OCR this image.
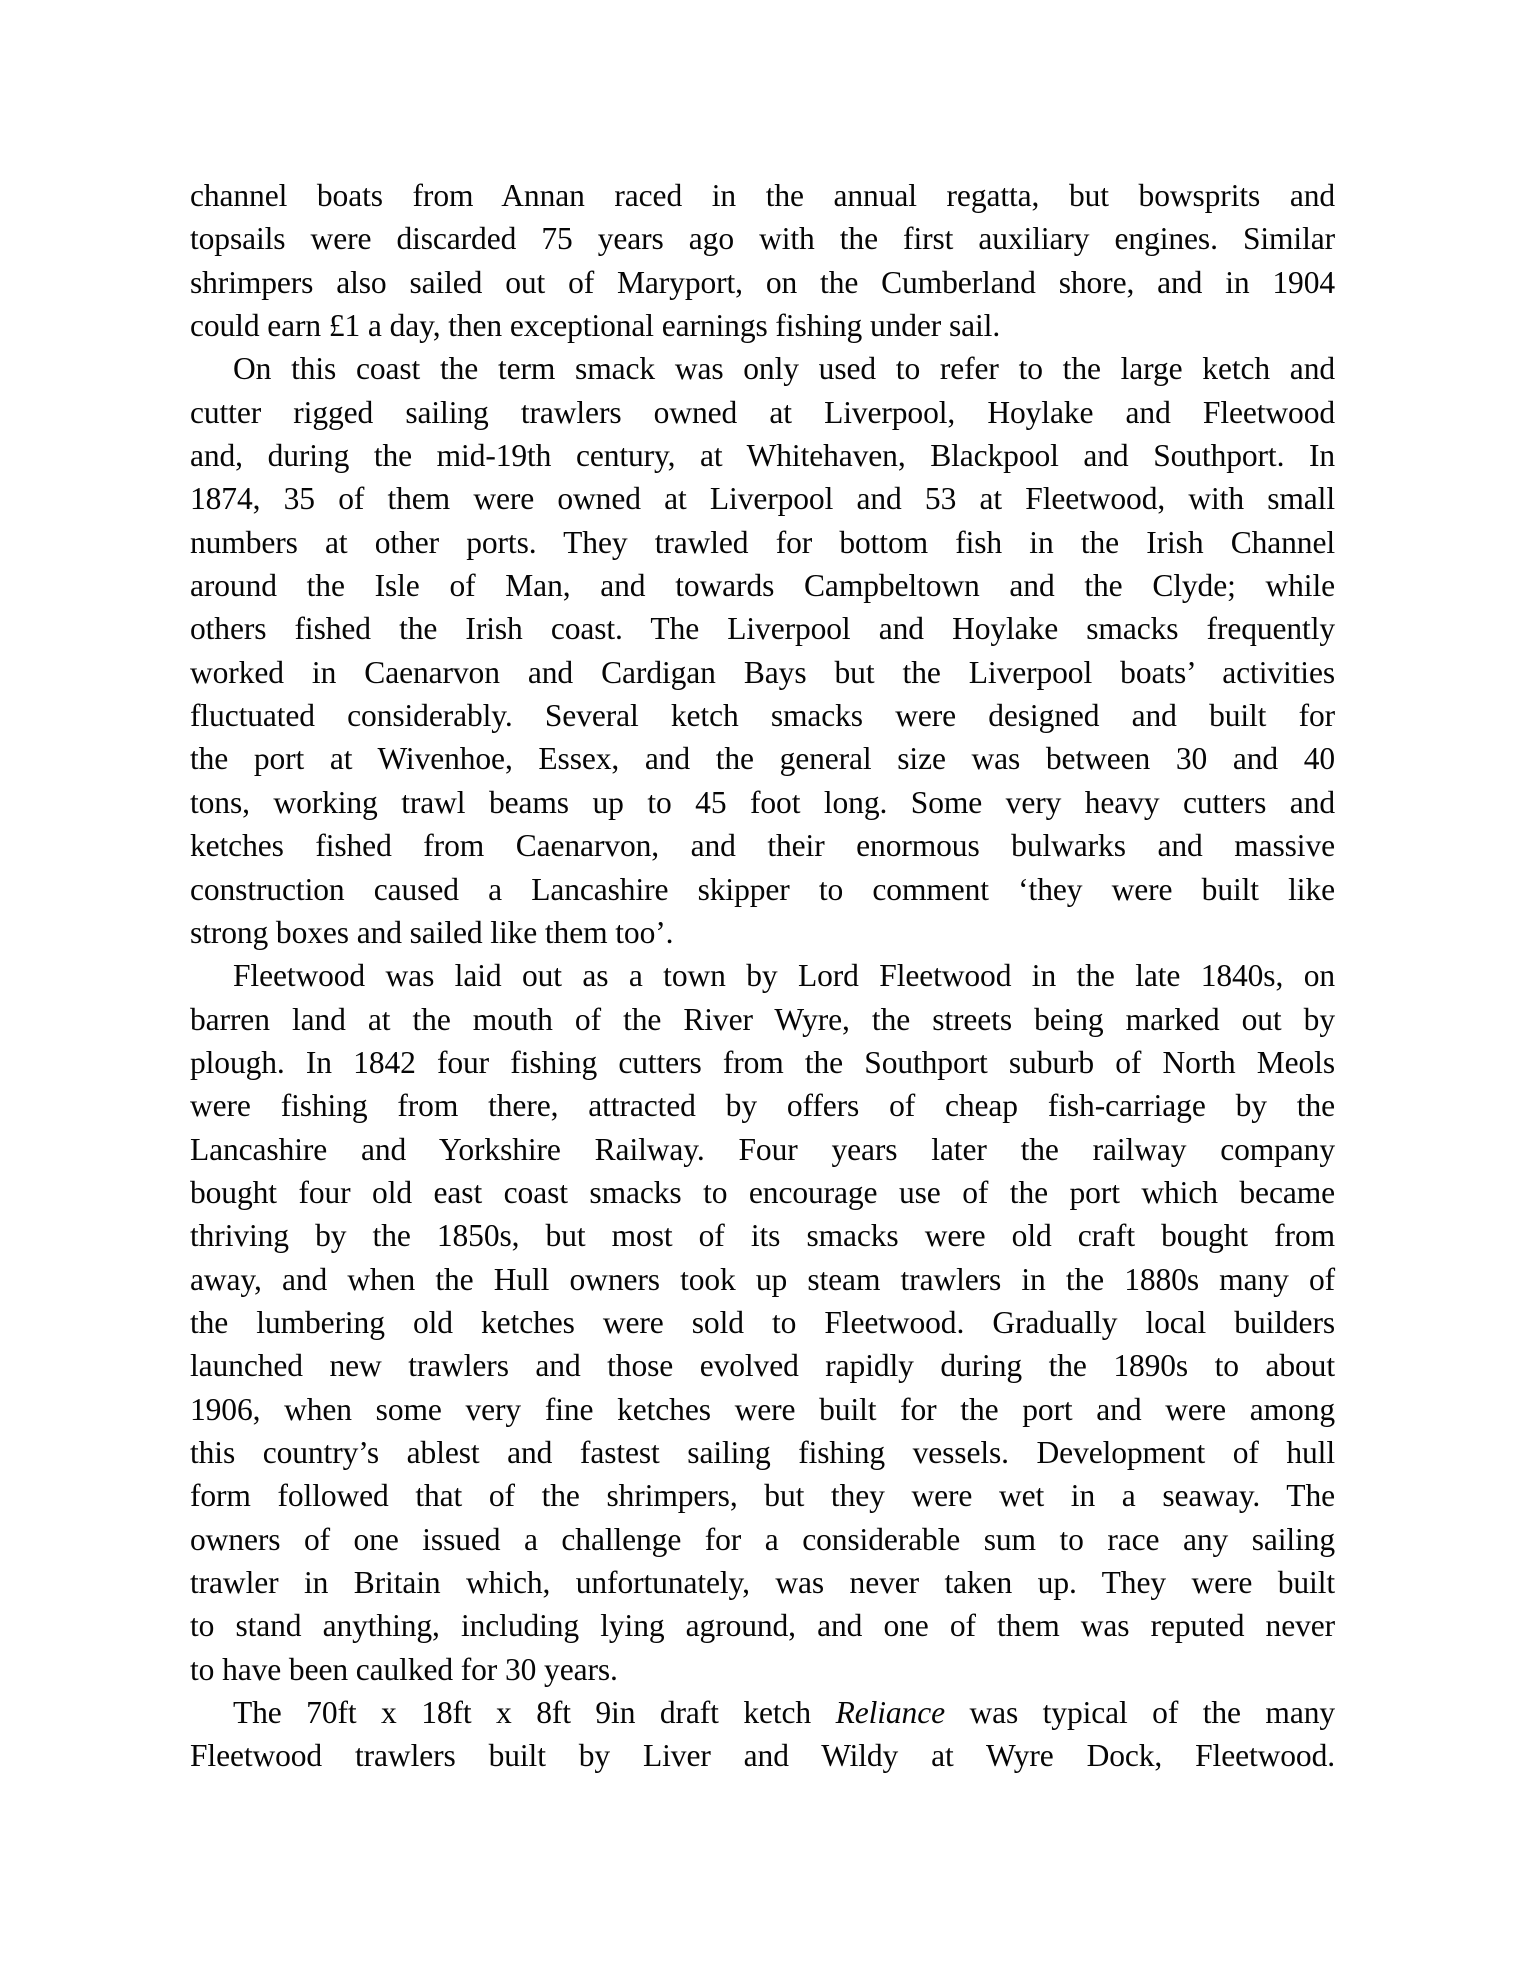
channel boats from Annan raced in the annual regatta, but bowsprits and
topsails were discarded 75 years ago with the first auxiliary engines. Similar
shrimpers also sailed out of Maryport, on the Cumberland shore, and in 1904
could earn £1 a day, then exceptional earnings fishing under sail.
On this coast the term smack was only used to refer to the large ketch and
cutter rigged sailing trawlers owned at Liverpool, Hoylake and Fleetwood
and, during the mid-19th century, at Whitehaven, Blackpool and Southport. In
1874, 35 of them were owned at Liverpool and 53 at Fleetwood, with small
numbers at other ports. They trawled for bottom fish in the Irish Channel
around the Isle of Man, and towards Campbeltown and the Clyde; while
others fished the Irish coast. The Liverpool and Hoylake smacks frequently
worked in Caenarvon and Cardigan Bays but the Liverpool boats’ activities
fluctuated considerably. Several ketch smacks were designed and built for
the port at Wivenhoe, Essex, and the general size was between 30 and 40
tons, working trawl beams up to 45 foot long. Some very heavy cutters and
ketches fished from Caenarvon, and their enormous bulwarks and massive
construction caused a Lancashire skipper to comment ‘they were built like
strong boxes and sailed like them too’.
Fleetwood was laid out as a town by Lord Fleetwood in the late 1840s, on
barren land at the mouth of the River Wyre, the streets being marked out by
plough. In 1842 four fishing cutters from the Southport suburb of North Meols
were fishing from there, attracted by offers of cheap fish-carriage by the
Lancashire and Yorkshire Railway. Four years later the railway company
bought four old east coast smacks to encourage use of the port which became
thriving by the 1850s, but most of its smacks were old craft bought from
away, and when the Hull owners took up steam trawlers in the 1880s many of
the lumbering old ketches were sold to Fleetwood. Gradually local builders
launched new trawlers and those evolved rapidly during the 1890s to about
1906, when some very fine ketches were built for the port and were among
this country’s ablest and fastest sailing fishing vessels. Development of hull
form followed that of the shrimpers, but they were wet in a seaway. The
owners of one issued a challenge for a considerable sum to race any sailing
trawler in Britain which, unfortunately, was never taken up. They were built
to stand anything, including lying aground, and one of them was reputed never
to have been caulked for 30 years.
The 70ft x 18ft x 8ft 9in draft ketch Reliance was typical of the many
Fleetwood trawlers built by Liver and Wildy at Wyre Dock, Fleetwood.
